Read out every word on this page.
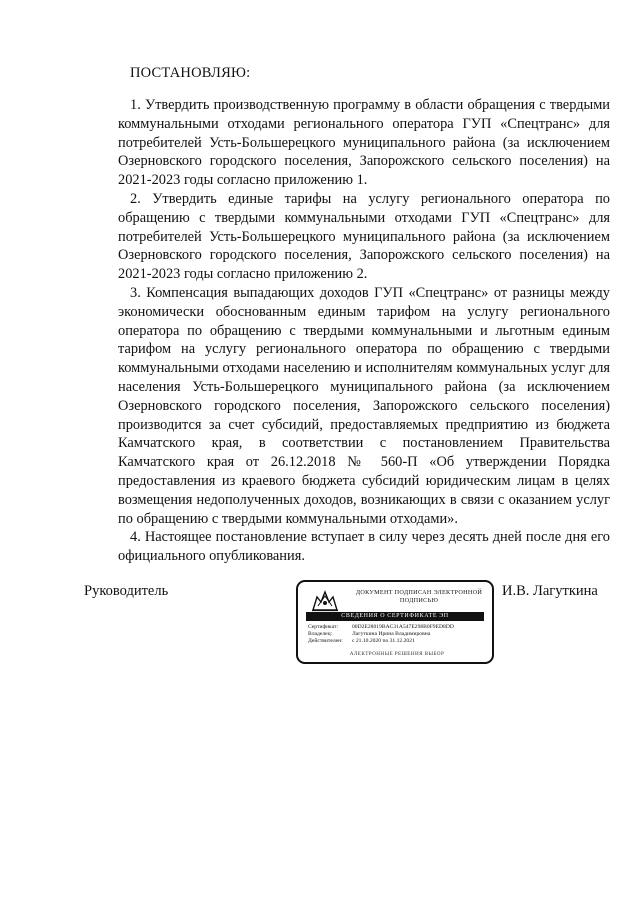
ПОСТАНОВЛЯЮ:

1. Утвердить производственную программу в области обращения с твердыми коммунальными отходами регионального оператора ГУП «Спецтранс» для потребителей Усть-Большерецкого муниципального района (за исключением Озерновского городского поселения, Запорожского сельского поселения) на 2021-2023 годы согласно приложению 1.

2. Утвердить единые тарифы на услугу регионального оператора по обращению с твердыми коммунальными отходами ГУП «Спецтранс» для потребителей Усть-Большерецкого муниципального района (за исключением Озерновского городского поселения, Запорожского сельского поселения) на 2021-2023 годы согласно приложению 2.

3. Компенсация выпадающих доходов ГУП «Спецтранс» от разницы между экономически обоснованным единым тарифом на услугу регионального оператора по обращению с твердыми коммунальными и льготным единым тарифом на услугу регионального оператора по обращению с твердыми коммунальными отходами населению и исполнителям коммунальных услуг для населения Усть-Большерецкого муниципального района (за исключением Озерновского городского поселения, Запорожского сельского поселения) производится за счет субсидий, предоставляемых предприятию из бюджета Камчатского края, в соответствии с постановлением Правительства Камчатского края от 26.12.2018 № 560-П «Об утверждении Порядка предоставления из краевого бюджета субсидий юридическим лицам в целях возмещения недополученных доходов, возникающих в связи с оказанием услуг по обращению с твердыми коммунальными отходами».

4. Настоящее постановление вступает в силу через десять дней после дня его официального опубликования.

Руководитель	ДОКУМЕНТ ПОДПИСАН ЭЛЕКТРОННОЙ ПОДПИСЬЮ
СВЕДЕНИЯ О СЕРТИФИКАТЕ ЭП
Сертификат:	00D2E28019BAC31A547E298B0F9ED8DD
Владелец:	Лагуткина Ирина Владимировна
Действителен:	с 21.10.2020 по 31.12.2021
АЛЕКТРОННЫЕ РЕШЕНИЯ ВЫБОР
И.В. Лагуткина
